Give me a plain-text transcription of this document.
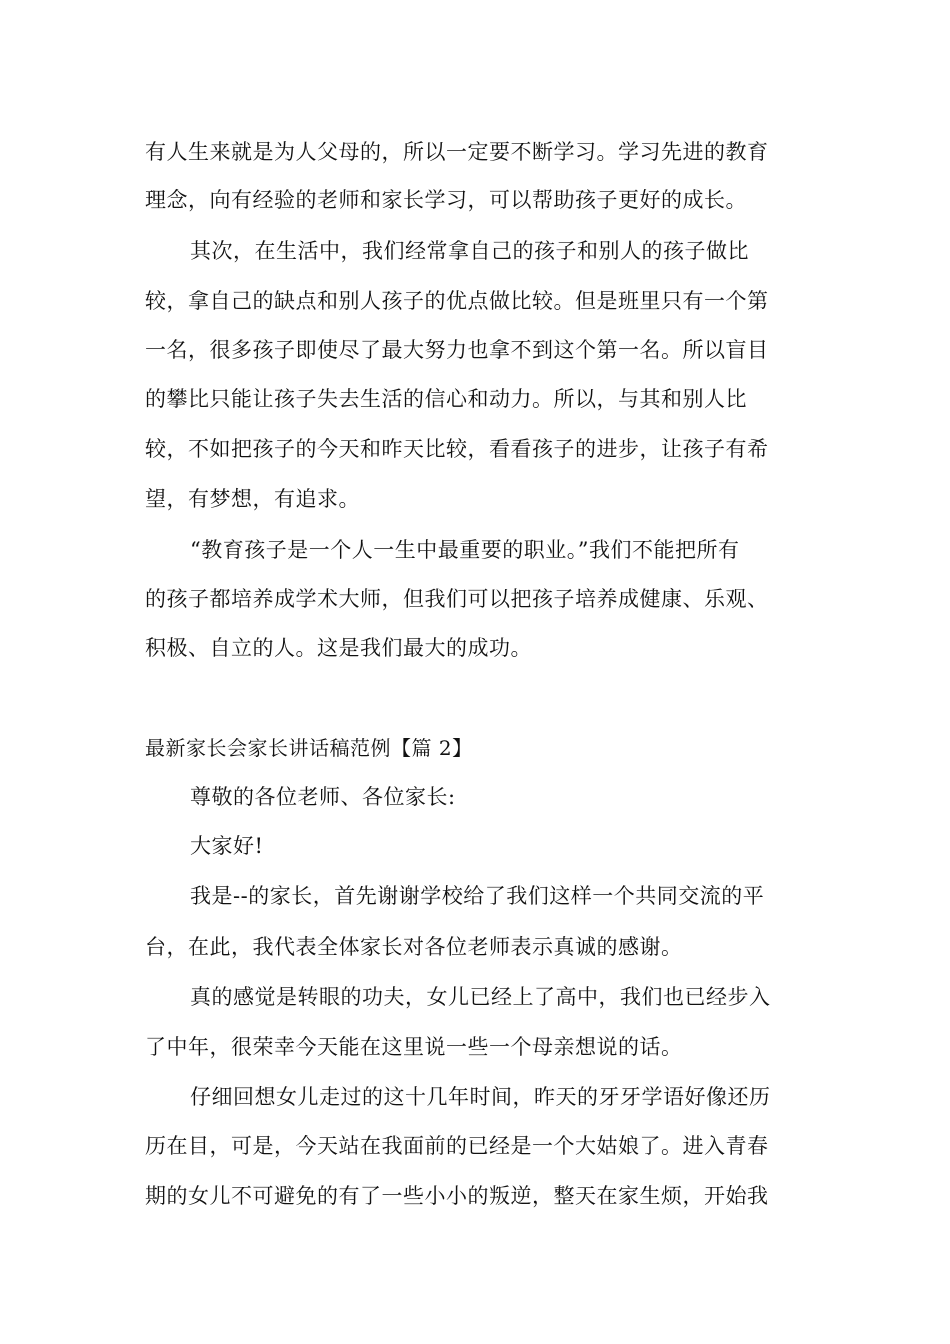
有人生来就是为人父母的，所以一定要不断学习。学习先进的教育
理念，向有经验的老师和家长学习，可以帮助孩子更好的成长。
其次，在生活中，我们经常拿自己的孩子和别人的孩子做比
较，拿自己的缺点和别人孩子的优点做比较。但是班里只有一个第
一名，很多孩子即使尽了最大努力也拿不到这个第一名。所以盲目
的攀比只能让孩子失去生活的信心和动力。所以，与其和别人比
较，不如把孩子的今天和昨天比较，看看孩子的进步，让孩子有希
望，有梦想，有追求。
“教育孩子是一个人一生中最重要的职业。”我们不能把所有
的孩子都培养成学术大师，但我们可以把孩子培养成健康、乐观、
积极、自立的人。这是我们最大的成功。
最新家长会家长讲话稿范例【篇 2】
尊敬的各位老师、各位家长:
大家好!
我是--的家长，首先谢谢学校给了我们这样一个共同交流的平
台，在此，我代表全体家长对各位老师表示真诚的感谢。
真的感觉是转眼的功夫，女儿已经上了高中，我们也已经步入
了中年，很荣幸今天能在这里说一些一个母亲想说的话。
仔细回想女儿走过的这十几年时间，昨天的牙牙学语好像还历
历在目，可是，今天站在我面前的已经是一个大姑娘了。进入青春
期的女儿不可避免的有了一些小小的叛逆，整天在家生烦，开始我
